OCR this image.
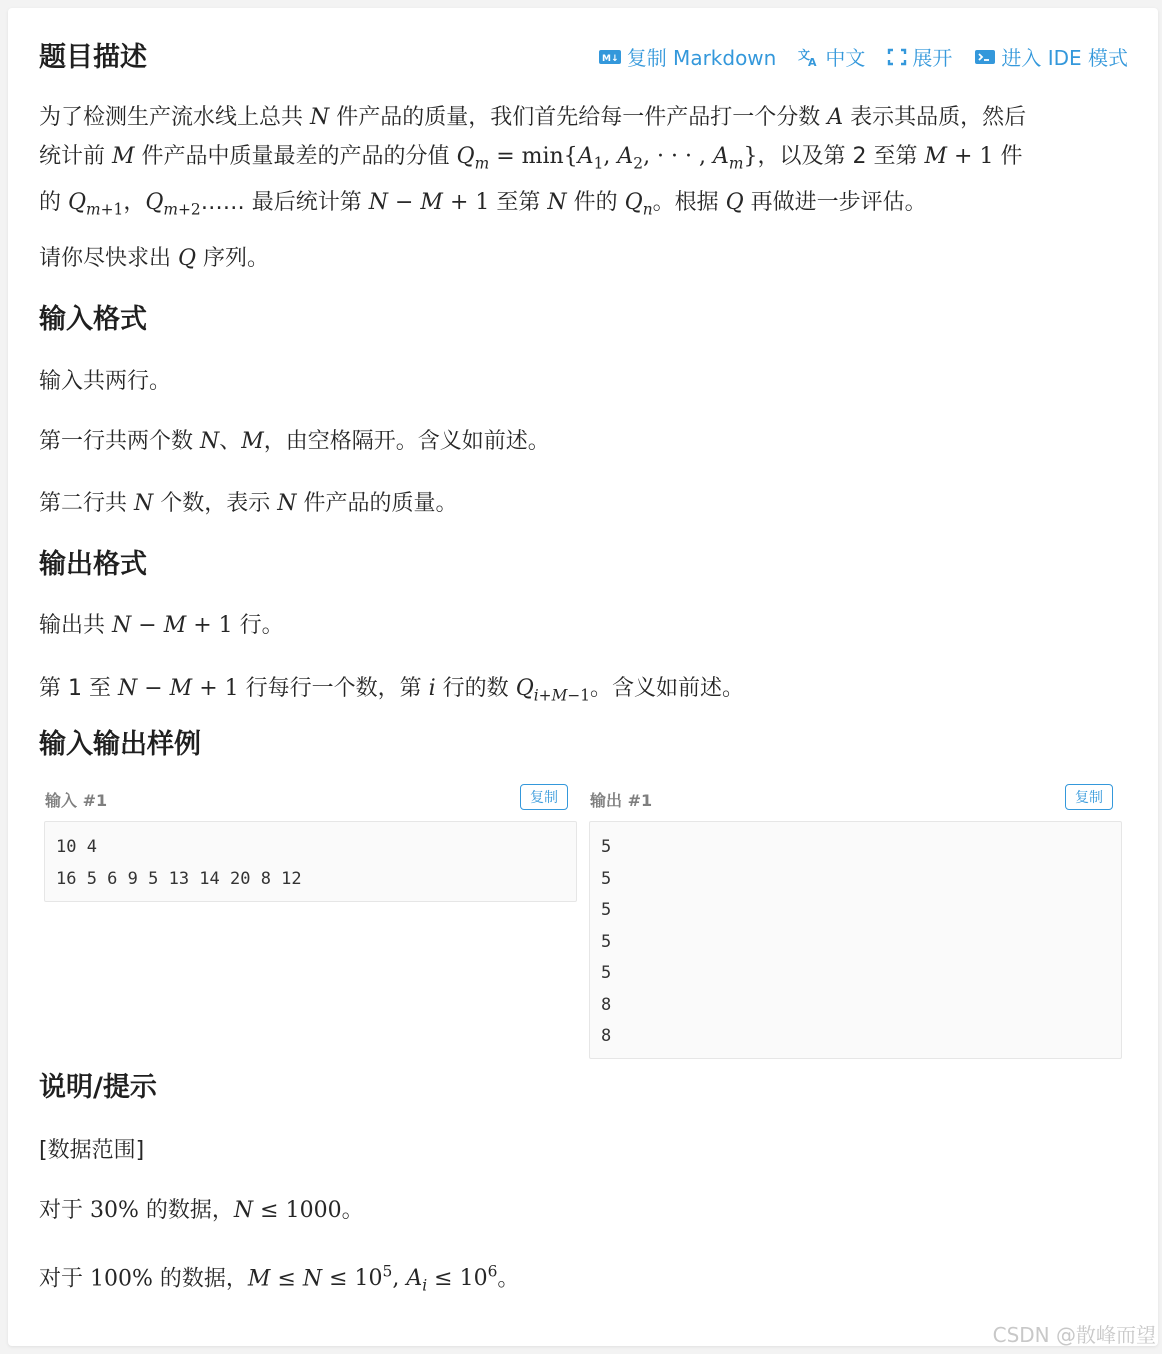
题目描述	M↓ 复制 Markdown 文
A 中文 展开 进入 IDE 模式

为了检测生产流水线上总共 N 件产品的质量，我们首先给每一件产品打一个分数 A 表示其品质，然后
统计前 M 件产品中质量最差的产品的分值 $Q_m = \min\{A_1$, $A_2$, · · · , $A_m$}，以及第 2 至第 M + 1 件
的 $Q_{m+1}$，$Q_{m+2}\dots\dots$ 最后统计第 N − M + 1 至第 N 件的 $Q_n$。根据 Q 再做进一步评估。

请你尽快求出 Q 序列。

输入格式

输入共两行。

第一行共两个数 N、M，由空格隔开。含义如前述。

第二行共 N 个数，表示 N 件产品的质量。

输出格式

输出共 N − M + 1 行。

第 1 至 N − M + 1 行每行一个数，第 i 行的数 $Q_{i+M-1}$。含义如前述。

输入输出样例
输入 #1	复制
10 4
16 5 6 9 5 13 14 20 8 12
输出 #1	复制
5
5
5
5
5
8
8
说明/提示

[数据范围]

对于 30% 的数据，N ≤ 1000。

对于 100% 的数据，$M \le N \le 10^5$, $A_i \le 10^6$。

CSDN @散峰而望
